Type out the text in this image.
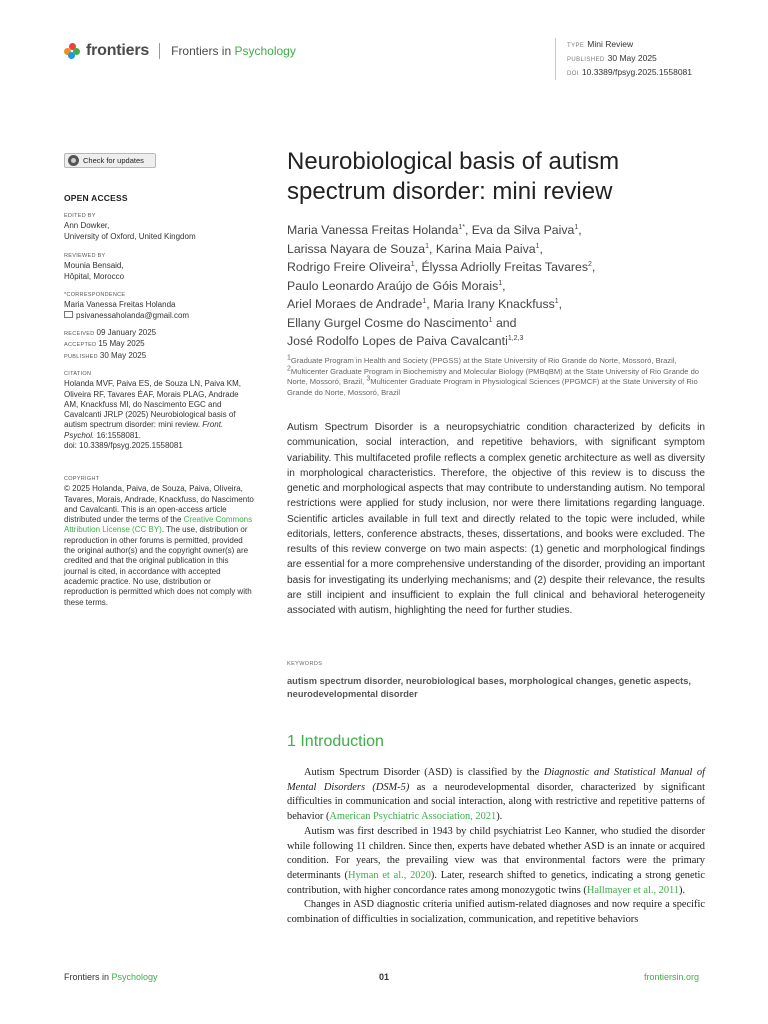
frontiers Frontiers in Psychology	TYPE Mini Review
PUBLISHED 30 May 2025
DOI 10.3389/fpsyg.2025.1558081
Check for updates
OPEN ACCESS
EDITED BY
Ann Dowker,
University of Oxford, United Kingdom
REVIEWED BY
Mounia Bensaid,
Hôpital, Morocco
*CORRESPONDENCE
Maria Vanessa Freitas Holanda
psivanessaholanda@gmail.com
RECEIVED 09 January 2025
ACCEPTED 15 May 2025
PUBLISHED 30 May 2025
CITATION
Holanda MVF, Paiva ES, de Souza LN, Paiva KM, Oliveira RF, Tavares ÉAF, Morais PLAG, Andrade AM, Knackfuss MI, do Nascimento EGC and Cavalcanti JRLP (2025) Neurobiological basis of autism spectrum disorder: mini review. Front. Psychol. 16:1558081.
doi: 10.3389/fpsyg.2025.1558081
COPYRIGHT
© 2025 Holanda, Paiva, de Souza, Paiva, Oliveira, Tavares, Morais, Andrade, Knackfuss, do Nascimento and Cavalcanti. This is an open-access article distributed under the terms of the Creative Commons Attribution License (CC BY). The use, distribution or reproduction in other forums is permitted, provided the original author(s) and the copyright owner(s) are credited and that the original publication in this journal is cited, in accordance with accepted academic practice. No use, distribution or reproduction is permitted which does not comply with these terms.
Neurobiological basis of autism
spectrum disorder: mini review
Maria Vanessa Freitas Holanda$^{1*}$, Eva da Silva Paiva$^1$,
Larissa Nayara de Souza$^1$, Karina Maia Paiva$^1$,
Rodrigo Freire Oliveira$^1$, Élyssa Adriolly Freitas Tavares$^2$,
Paulo Leonardo Araújo de Góis Morais$^1$,
Ariel Moraes de Andrade$^1$, Maria Irany Knackfuss$^1$,
Ellany Gurgel Cosme do Nascimento$^1$ and
José Rodolfo Lopes de Paiva Cavalcanti$^{1,2,3}$
$^1$Graduate Program in Health and Society (PPGSS) at the State University of Rio Grande do Norte, Mossoró, Brazil, $^2$Multicenter Graduate Program in Biochemistry and Molecular Biology (PMBqBM) at the State University of Rio Grande do Norte, Mossoró, Brazil, $^3$Multicenter Graduate Program in Physiological Sciences (PPGMCF) at the State University of Rio Grande do Norte, Mossoró, Brazil
Autism Spectrum Disorder is a neuropsychiatric condition characterized by deficits in communication, social interaction, and repetitive behaviors, with significant symptom variability. This multifaceted profile reflects a complex genetic architecture as well as diversity in morphological characteristics. Therefore, the objective of this review is to discuss the genetic and morphological aspects that may contribute to understanding autism. No temporal restrictions were applied for study inclusion, nor were there limitations regarding language. Scientific articles available in full text and directly related to the topic were included, while editorials, letters, conference abstracts, theses, dissertations, and books were excluded. The results of this review converge on two main aspects: (1) genetic and morphological findings are essential for a more comprehensive understanding of the disorder, providing an important basis for investigating its underlying mechanisms; and (2) despite their relevance, the results are still incipient and insufficient to explain the full clinical and behavioral heterogeneity associated with autism, highlighting the need for further studies.
KEYWORDS
autism spectrum disorder, neurobiological bases, morphological changes, genetic aspects, neurodevelopmental disorder
1 Introduction

Autism Spectrum Disorder (ASD) is classified by the Diagnostic and Statistical Manual of Mental Disorders (DSM-5) as a neurodevelopmental disorder, characterized by significant difficulties in communication and social interaction, along with restrictive and repetitive patterns of behavior (American Psychiatric Association, 2021).

Autism was first described in 1943 by child psychiatrist Leo Kanner, who studied the disorder while following 11 children. Since then, experts have debated whether ASD is an innate or acquired condition. For years, the prevailing view was that environmental factors were the primary determinants (Hyman et al., 2020). Later, research shifted to genetics, indicating a strong genetic contribution, with higher concordance rates among monozygotic twins (Hallmayer et al., 2011).

Changes in ASD diagnostic criteria unified autism-related diagnoses and now require a specific combination of difficulties in socialization, communication, and repetitive behaviors

Frontiers in Psychology	01	frontiersin.org
